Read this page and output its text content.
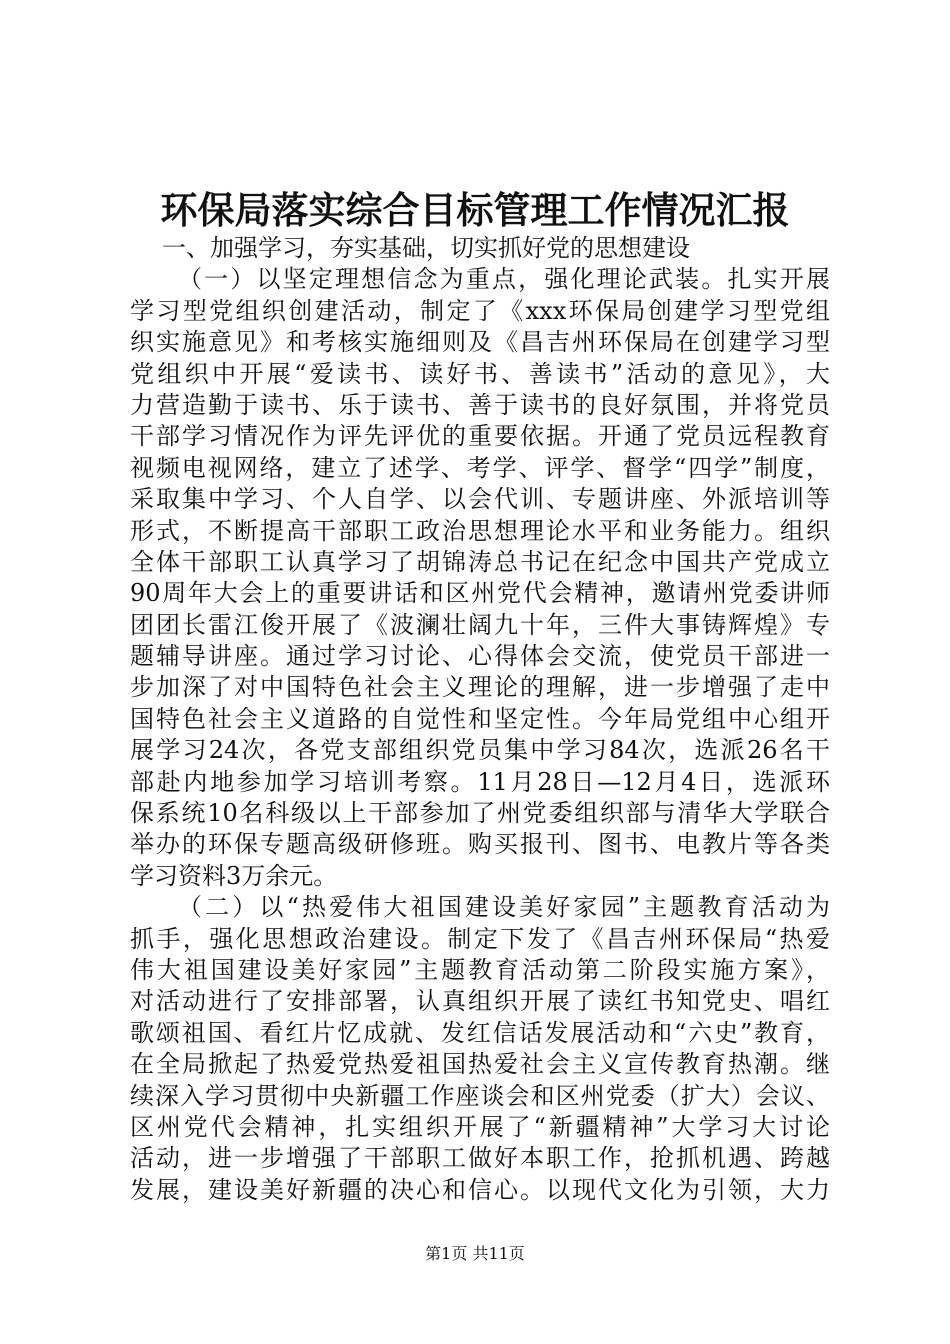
环保局落实综合目标管理工作情况汇报
一、加强学习，夯实基础，切实抓好党的思想建设
（一）以坚定理想信念为重点，强化理论武装。扎实开展
学习型党组织创建活动，制定了《xxx环保局创建学习型党组
织实施意见》和考核实施细则及《昌吉州环保局在创建学习型
党组织中开展“爱读书、读好书、善读书”活动的意见》，大
力营造勤于读书、乐于读书、善于读书的良好氛围，并将党员
干部学习情况作为评先评优的重要依据。开通了党员远程教育
视频电视网络，建立了述学、考学、评学、督学“四学”制度，
采取集中学习、个人自学、以会代训、专题讲座、外派培训等
形式，不断提高干部职工政治思想理论水平和业务能力。组织
全体干部职工认真学习了胡锦涛总书记在纪念中国共产党成立
90周年大会上的重要讲话和区州党代会精神，邀请州党委讲师
团团长雷江俊开展了《波澜壮阔九十年，三件大事铸辉煌》专
题辅导讲座。通过学习讨论、心得体会交流，使党员干部进一
步加深了对中国特色社会主义理论的理解，进一步增强了走中
国特色社会主义道路的自觉性和坚定性。今年局党组中心组开
展学习24次，各党支部组织党员集中学习84次，选派26名干
部赴内地参加学习培训考察。11月28日—12月4日，选派环
保系统10名科级以上干部参加了州党委组织部与清华大学联合
举办的环保专题高级研修班。购买报刊、图书、电教片等各类
学习资料3万余元。
（二）以“热爱伟大祖国建设美好家园”主题教育活动为
抓手，强化思想政治建设。制定下发了《昌吉州环保局“热爱
伟大祖国建设美好家园”主题教育活动第二阶段实施方案》，
对活动进行了安排部署，认真组织开展了读红书知党史、唱红
歌颂祖国、看红片忆成就、发红信话发展活动和“六史”教育，
在全局掀起了热爱党热爱祖国热爱社会主义宣传教育热潮。继
续深入学习贯彻中央新疆工作座谈会和区州党委（扩大）会议、
区州党代会精神，扎实组织开展了“新疆精神”大学习大讨论
活动，进一步增强了干部职工做好本职工作，抢抓机遇、跨越
发展，建设美好新疆的决心和信心。以现代文化为引领，大力
第1页 共11页
